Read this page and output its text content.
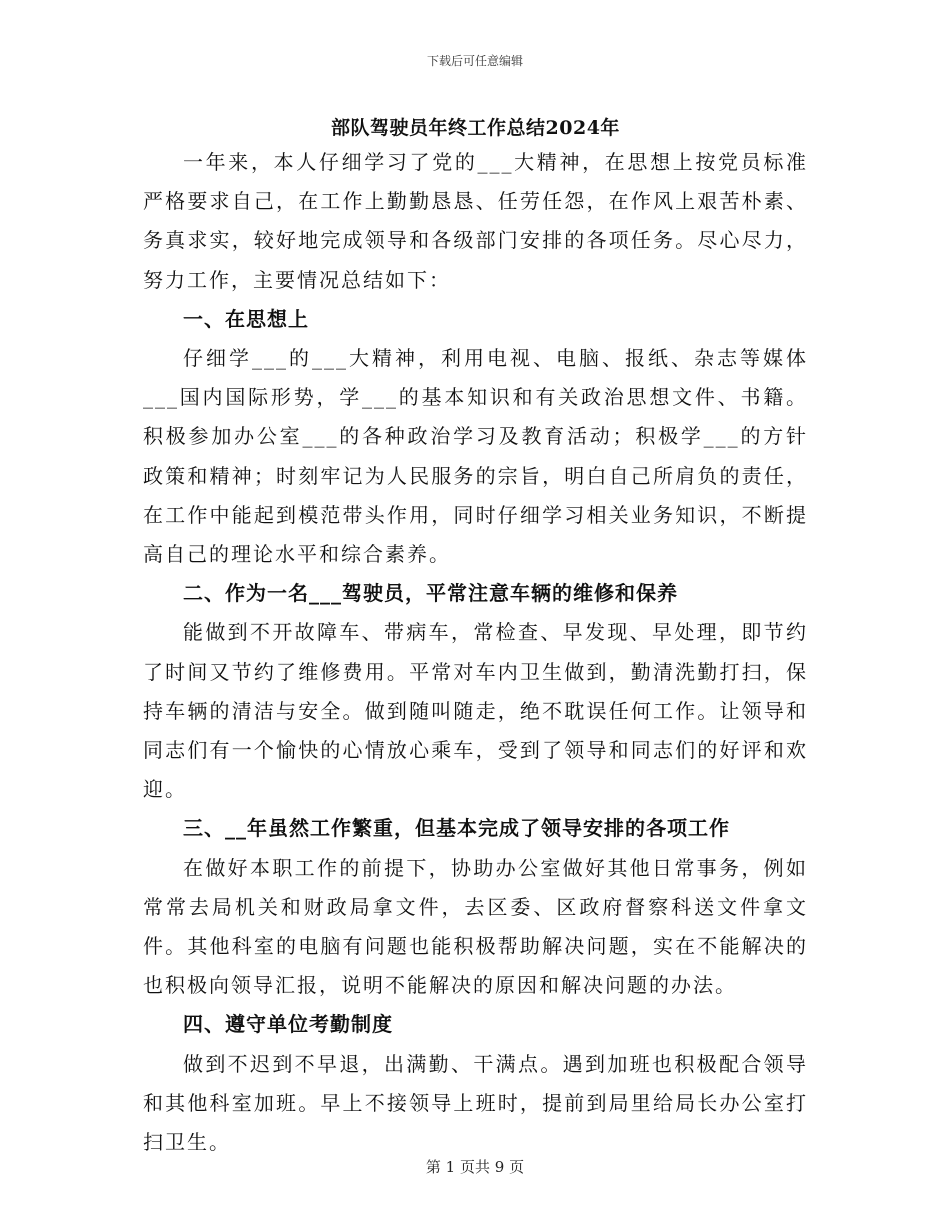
下载后可任意编辑
部队驾驶员年终工作总结2024年

一年来，本人仔细学习了党的___大精神，在思想上按党员标准严格要求自己，在工作上勤勤恳恳、任劳任怨，在作风上艰苦朴素、务真求实，较好地完成领导和各级部门安排的各项任务。尽心尽力，努力工作，主要情况总结如下：

一、在思想上

仔细学___的___大精神，利用电视、电脑、报纸、杂志等媒体___国内国际形势，学___的基本知识和有关政治思想文件、书籍。积极参加办公室___的各种政治学习及教育活动；积极学___的方针政策和精神；时刻牢记为人民服务的宗旨，明白自己所肩负的责任，在工作中能起到模范带头作用，同时仔细学习相关业务知识，不断提高自己的理论水平和综合素养。

二、作为一名___驾驶员，平常注意车辆的维修和保养

能做到不开故障车、带病车，常检查、早发现、早处理，即节约了时间又节约了维修费用。平常对车内卫生做到，勤清洗勤打扫，保持车辆的清洁与安全。做到随叫随走，绝不耽误任何工作。让领导和同志们有一个愉快的心情放心乘车，受到了领导和同志们的好评和欢迎。

三、__年虽然工作繁重，但基本完成了领导安排的各项工作

在做好本职工作的前提下，协助办公室做好其他日常事务，例如常常去局机关和财政局拿文件，去区委、区政府督察科送文件拿文件。其他科室的电脑有问题也能积极帮助解决问题，实在不能解决的也积极向领导汇报，说明不能解决的原因和解决问题的办法。

四、遵守单位考勤制度

做到不迟到不早退，出满勤、干满点。遇到加班也积极配合领导和其他科室加班。早上不接领导上班时，提前到局里给局长办公室打扫卫生。

第 1 页共 9 页
